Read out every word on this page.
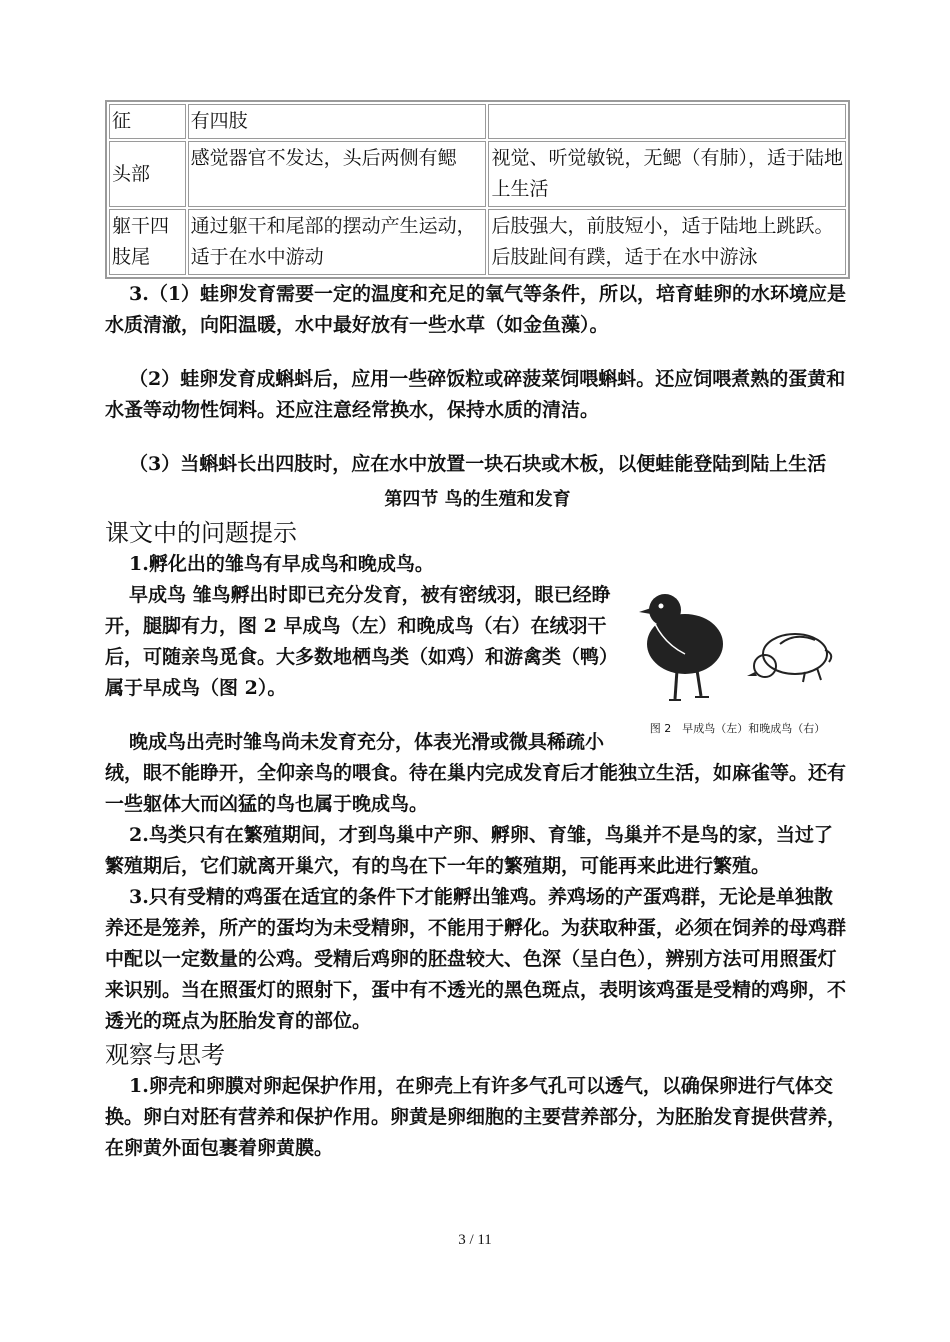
征	有四肢	
头部	感觉器官不发达，头后两侧有鳃	视觉、听觉敏锐，无鳃（有肺），适于陆地上生活
躯干四肢尾	通过躯干和尾部的摆动产生运动，适于在水中游动	后肢强大，前肢短小，适于陆地上跳跃。后肢趾间有蹼，适于在水中游泳

3.（1）蛙卵发育需要一定的温度和充足的氧气等条件，所以，培育蛙卵的水环境应是水质清澈，向阳温暖，水中最好放有一些水草（如金鱼藻）。

（2）蛙卵发育成蝌蚪后，应用一些碎饭粒或碎菠菜饲喂蝌蚪。还应饲喂煮熟的蛋黄和水蚤等动物性饲料。还应注意经常换水，保持水质的清洁。

（3）当蝌蚪长出四肢时，应在水中放置一块石块或木板，以便蛙能登陆到陆上生活

第四节 鸟的生殖和发育

课文中的问题提示

1.孵化出的雏鸟有早成鸟和晚成鸟。

图 2　早成鸟（左）和晚成鸟（右）

早成鸟 雏鸟孵出时即已充分发育，被有密绒羽，眼已经睁开，腿脚有力，图 2 早成鸟（左）和晚成鸟（右）在绒羽干后，可随亲鸟觅食。大多数地栖鸟类（如鸡）和游禽类（鸭）属于早成鸟（图 2）。

晚成鸟出壳时雏鸟尚未发育充分，体表光滑或微具稀疏小绒，眼不能睁开，全仰亲鸟的喂食。待在巢内完成发育后才能独立生活，如麻雀等。还有一些躯体大而凶猛的鸟也属于晚成鸟。

2.鸟类只有在繁殖期间，才到鸟巢中产卵、孵卵、育雏，鸟巢并不是鸟的家，当过了繁殖期后，它们就离开巢穴，有的鸟在下一年的繁殖期，可能再来此进行繁殖。

3.只有受精的鸡蛋在适宜的条件下才能孵出雏鸡。养鸡场的产蛋鸡群，无论是单独散养还是笼养，所产的蛋均为未受精卵，不能用于孵化。为获取种蛋，必须在饲养的母鸡群中配以一定数量的公鸡。受精后鸡卵的胚盘较大、色深（呈白色），辨别方法可用照蛋灯来识别。当在照蛋灯的照射下，蛋中有不透光的黑色斑点，表明该鸡蛋是受精的鸡卵，不透光的斑点为胚胎发育的部位。

观察与思考

1.卵壳和卵膜对卵起保护作用，在卵壳上有许多气孔可以透气，以确保卵进行气体交换。卵白对胚有营养和保护作用。卵黄是卵细胞的主要营养部分，为胚胎发育提供营养，在卵黄外面包裹着卵黄膜。

3 / 11
